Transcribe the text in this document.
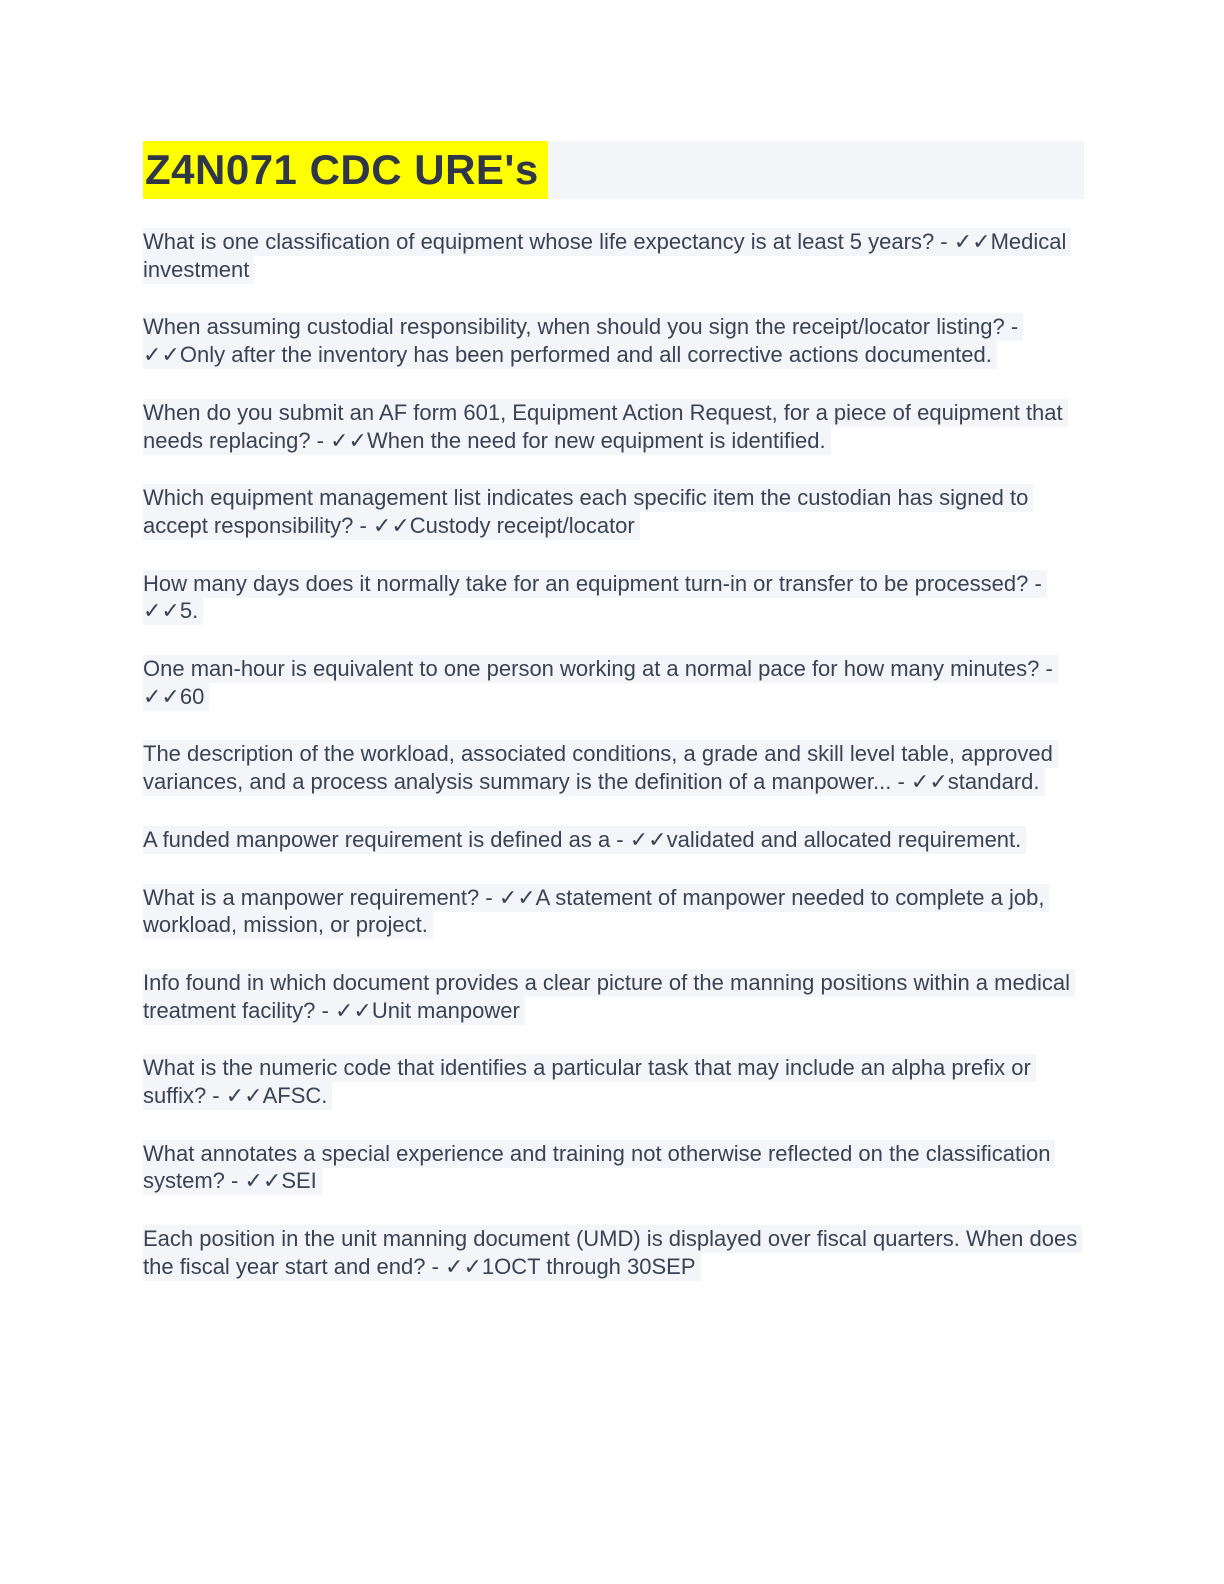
Z4N071 CDC URE's

What is one classification of equipment whose life expectancy is at least 5 years? - ✓✓Medical investment

When assuming custodial responsibility, when should you sign the receipt/locator listing? - ✓✓Only after the inventory has been performed and all corrective actions documented.

When do you submit an AF form 601, Equipment Action Request, for a piece of equipment that needs replacing? - ✓✓When the need for new equipment is identified.

Which equipment management list indicates each specific item the custodian has signed to accept responsibility? - ✓✓Custody receipt/locator

How many days does it normally take for an equipment turn-in or transfer to be processed? - ✓✓5.

One man-hour is equivalent to one person working at a normal pace for how many minutes? - ✓✓60

The description of the workload, associated conditions, a grade and skill level table, approved variances, and a process analysis summary is the definition of a manpower... - ✓✓standard.

A funded manpower requirement is defined as a - ✓✓validated and allocated requirement.

What is a manpower requirement? - ✓✓A statement of manpower needed to complete a job, workload, mission, or project.

Info found in which document provides a clear picture of the manning positions within a medical treatment facility? - ✓✓Unit manpower

What is the numeric code that identifies a particular task that may include an alpha prefix or suffix? - ✓✓AFSC.

What annotates a special experience and training not otherwise reflected on the classification system? - ✓✓SEI

Each position in the unit manning document (UMD) is displayed over fiscal quarters. When does the fiscal year start and end? - ✓✓1OCT through 30SEP
